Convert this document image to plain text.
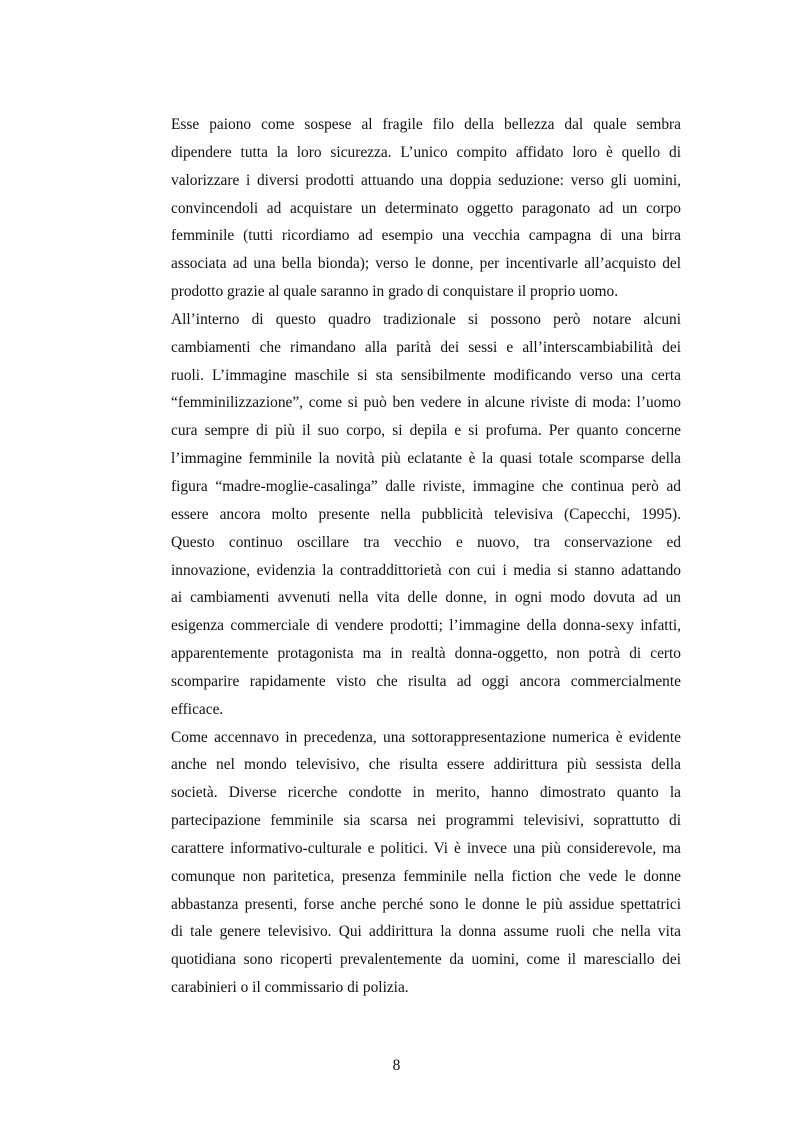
Esse paiono come sospese al fragile filo della bellezza dal quale sembra
dipendere tutta la loro sicurezza. L’unico compito affidato loro è quello di
valorizzare i diversi prodotti attuando una doppia seduzione: verso gli uomini,
convincendoli ad acquistare un determinato oggetto paragonato ad un corpo
femminile (tutti ricordiamo ad esempio una vecchia campagna di una birra
associata ad una bella bionda); verso le donne, per incentivarle all’acquisto del
prodotto grazie al quale saranno in grado di conquistare il proprio uomo.
All’interno di questo quadro tradizionale si possono però notare alcuni
cambiamenti che rimandano alla parità dei sessi e all’interscambiabilità dei
ruoli. L’immagine maschile si sta sensibilmente modificando verso una certa
“femminilizzazione”, come si può ben vedere in alcune riviste di moda: l’uomo
cura sempre di più il suo corpo, si depila e si profuma. Per quanto concerne
l’immagine femminile la novità più eclatante è la quasi totale scomparse della
figura “madre-moglie-casalinga” dalle riviste, immagine che continua però ad
essere ancora molto presente nella pubblicità televisiva (Capecchi, 1995).
Questo continuo oscillare tra vecchio e nuovo, tra conservazione ed
innovazione, evidenzia la contraddittorietà con cui i media si stanno adattando
ai cambiamenti avvenuti nella vita delle donne, in ogni modo dovuta ad un
esigenza commerciale di vendere prodotti; l’immagine della donna-sexy infatti,
apparentemente protagonista ma in realtà donna-oggetto, non potrà di certo
scomparire rapidamente visto che risulta ad oggi ancora commercialmente
efficace.
Come accennavo in precedenza, una sottorappresentazione numerica è evidente
anche nel mondo televisivo, che risulta essere addirittura più sessista della
società. Diverse ricerche condotte in merito, hanno dimostrato quanto la
partecipazione femminile sia scarsa nei programmi televisivi, soprattutto di
carattere informativo-culturale e politici. Vi è invece una più considerevole, ma
comunque non paritetica, presenza femminile nella fiction che vede le donne
abbastanza presenti, forse anche perché sono le donne le più assidue spettatrici
di tale genere televisivo. Qui addirittura la donna assume ruoli che nella vita
quotidiana sono ricoperti prevalentemente da uomini, come il maresciallo dei
carabinieri o il commissario di polizia.
8
